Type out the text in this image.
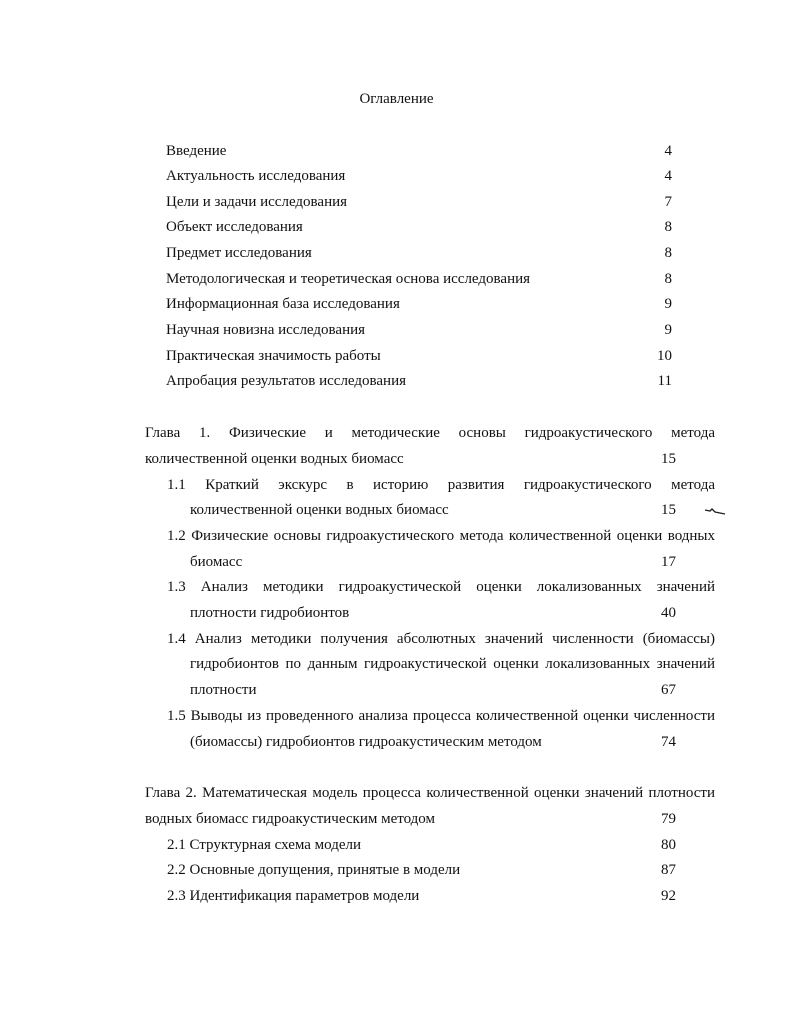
Оглавление
Введение	4
Актуальность исследования	4
Цели и задачи исследования	7
Объект исследования	8
Предмет исследования	8
Методологическая и теоретическая основа исследования	8
Информационная база исследования	9
Научная новизна исследования	9
Практическая значимость работы	10
Апробация результатов исследования	11
Глава 1. Физические и методические основы гидроакустического метода
количественной оценки водных биомасс	15
1.1 Краткий экскурс в историю развития гидроакустического метода
количественной оценки водных биомасс	15
1.2 Физические основы гидроакустического метода количественной оценки водных
биомасс	17
1.3 Анализ методики гидроакустической оценки локализованных значений
плотности гидробионтов	40
1.4 Анализ методики получения абсолютных значений численности (биомассы)
гидробионтов по данным гидроакустической оценки локализованных значений
плотности	67
1.5 Выводы из проведенного анализа процесса количественной оценки численности
(биомассы) гидробионтов гидроакустическим методом	74
Глава 2. Математическая модель процесса количественной оценки значений плотности
водных биомасс гидроакустическим методом	79
2.1 Структурная схема модели	80
2.2 Основные допущения, принятые в модели	87
2.3 Идентификация параметров модели	92
